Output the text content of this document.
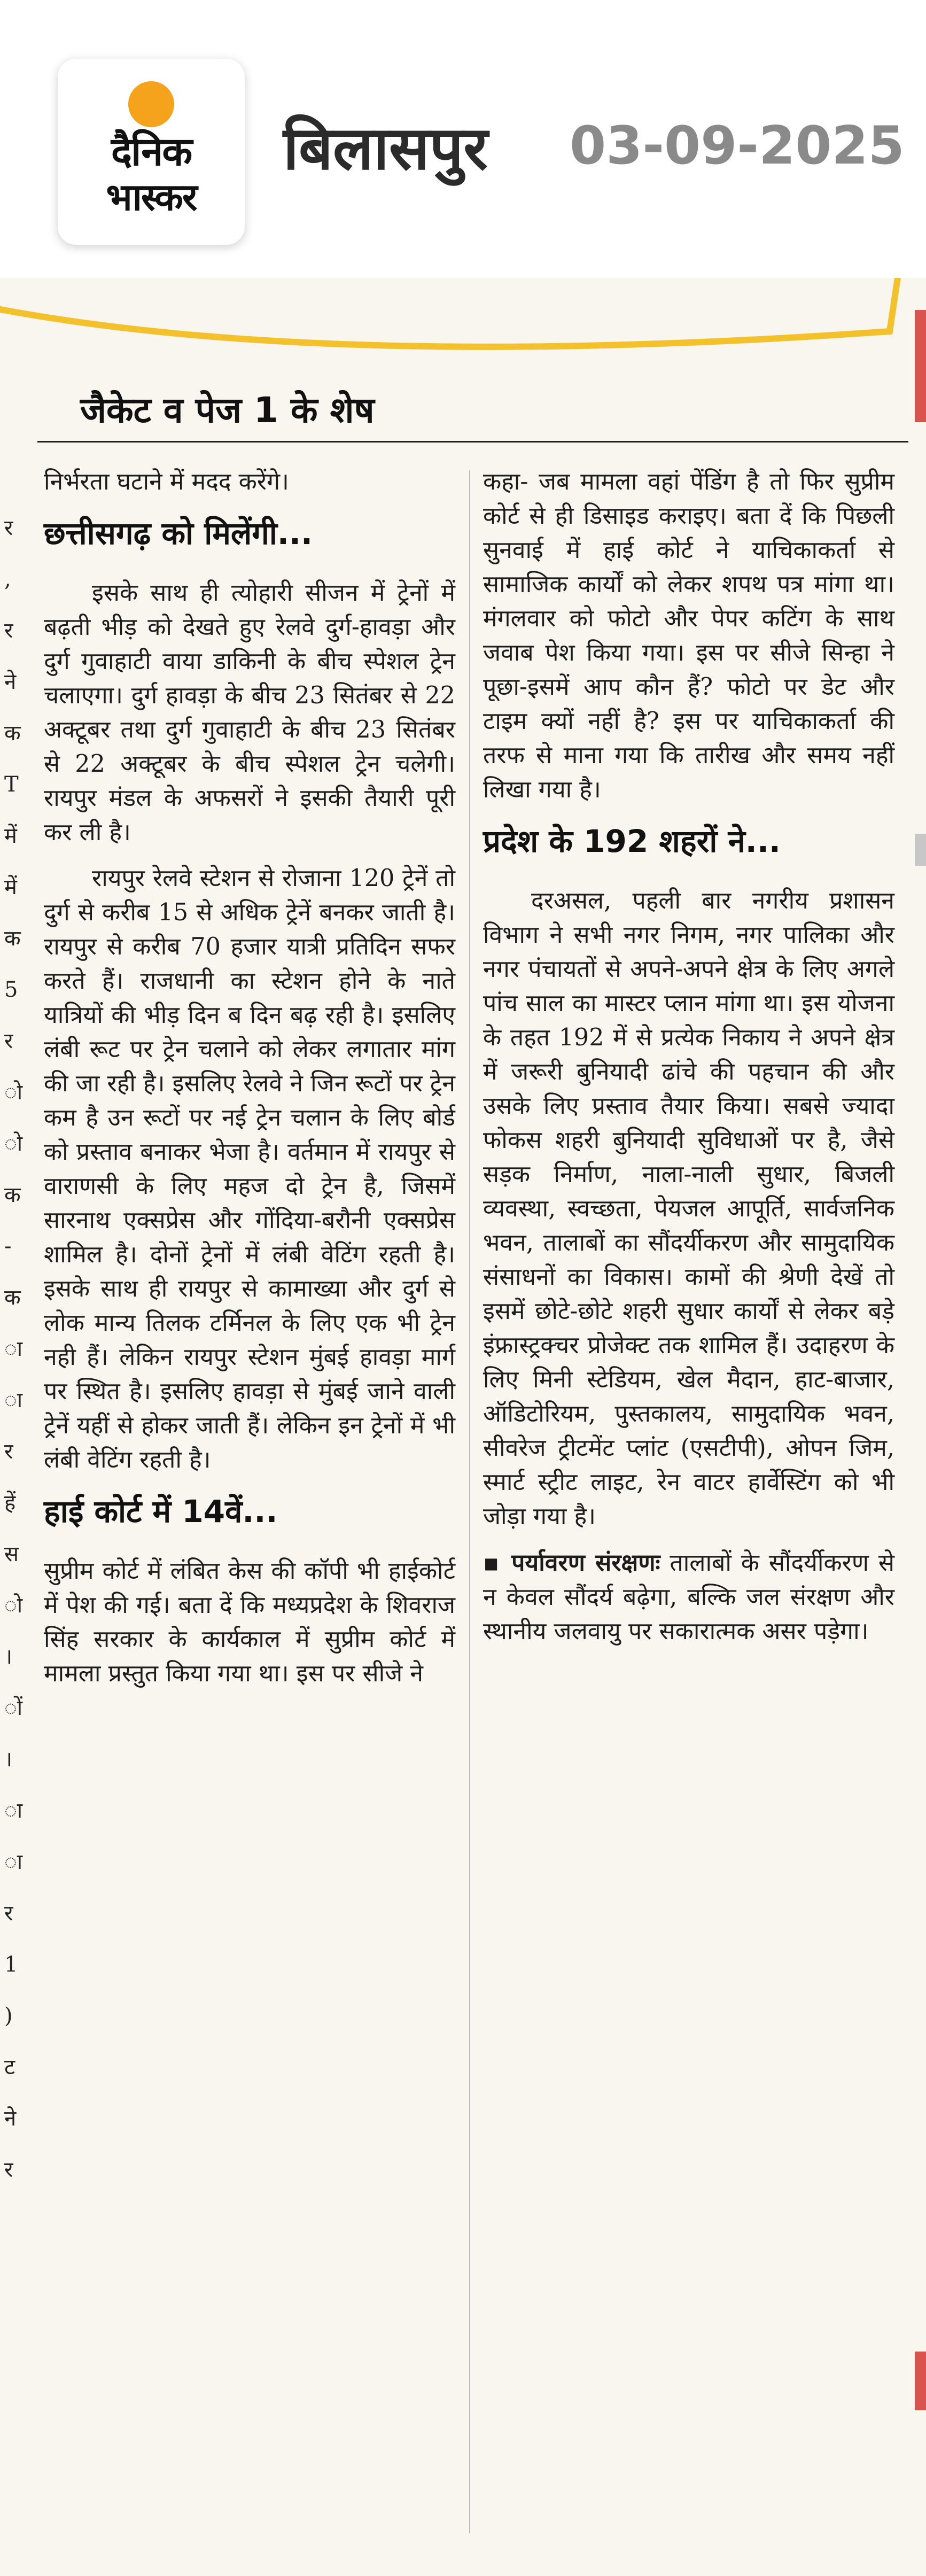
दैनिक
भास्कर
बिलासपुर 03-09-2025
र
,
र
ने
क
T
में
में
क
5
र
ो
ो
क
-
क
ा
ा
र
हें
स
ो
।
ों
।
ा
ा
र
1
)
ट
ने
र
जैकेट व पेज 1 के शेष

निर्भरता घटाने में मदद करेंगे।

छत्तीसगढ़ को मिलेंगी...

इसके साथ ही त्योहारी सीजन में ट्रेनों में बढ़ती भीड़ को देखते हुए रेलवे दुर्ग-हावड़ा और दुर्ग गुवाहाटी वाया डाकिनी के बीच स्पेशल ट्रेन चलाएगा। दुर्ग हावड़ा के बीच 23 सितंबर से 22 अक्टूबर तथा दुर्ग गुवाहाटी के बीच 23 सितंबर से 22 अक्टूबर के बीच स्पेशल ट्रेन चलेगी। रायपुर मंडल के अफसरों ने इसकी तैयारी पूरी कर ली है।

रायपुर रेलवे स्टेशन से रोजाना 120 ट्रेनें तो दुर्ग से करीब 15 से अधिक ट्रेनें बनकर जाती है। रायपुर से करीब 70 हजार यात्री प्रतिदिन सफर करते हैं। राजधानी का स्टेशन होने के नाते यात्रियों की भीड़ दिन ब दिन बढ़ रही है। इसलिए लंबी रूट पर ट्रेन चलाने को लेकर लगातार मांग की जा रही है। इसलिए रेलवे ने जिन रूटों पर ट्रेन कम है उन रूटों पर नई ट्रेन चलान के लिए बोर्ड को प्रस्ताव बनाकर भेजा है। वर्तमान में रायपुर से वाराणसी के लिए महज दो ट्रेन है, जिसमें सारनाथ एक्सप्रेस और गोंदिया-बरौनी एक्सप्रेस शामिल है। दोनों ट्रेनों में लंबी वेटिंग रहती है। इसके साथ ही रायपुर से कामाख्या और दुर्ग से लोक मान्य तिलक टर्मिनल के लिए एक भी ट्रेन नही हैं। लेकिन रायपुर स्टेशन मुंबई हावड़ा मार्ग पर स्थित है। इसलिए हावड़ा से मुंबई जाने वाली ट्रेनें यहीं से होकर जाती हैं। लेकिन इन ट्रेनों में भी लंबी वेटिंग रहती है।

हाई कोर्ट में 14वें...

सुप्रीम कोर्ट में लंबित केस की कॉपी भी हाईकोर्ट में पेश की गई। बता दें कि मध्यप्रदेश के शिवराज सिंह सरकार के कार्यकाल में सुप्रीम कोर्ट में मामला प्रस्तुत किया गया था। इस पर सीजे ने

कहा- जब मामला वहां पेंडिंग है तो फिर सुप्रीम कोर्ट से ही डिसाइड कराइए। बता दें कि पिछली सुनवाई में हाई कोर्ट ने याचिकाकर्ता से सामाजिक कार्यों को लेकर शपथ पत्र मांगा था। मंगलवार को फोटो और पेपर कटिंग के साथ जवाब पेश किया गया। इस पर सीजे सिन्हा ने पूछा-इसमें आप कौन हैं? फोटो पर डेट और टाइम क्यों नहीं है? इस पर याचिकाकर्ता की तरफ से माना गया कि तारीख और समय नहीं लिखा गया है।

प्रदेश के 192 शहरों ने...

दरअसल, पहली बार नगरीय प्रशासन विभाग ने सभी नगर निगम, नगर पालिका और नगर पंचायतों से अपने-अपने क्षेत्र के लिए अगले पांच साल का मास्टर प्लान मांगा था। इस योजना के तहत 192 में से प्रत्येक निकाय ने अपने क्षेत्र में जरूरी बुनियादी ढांचे की पहचान की और उसके लिए प्रस्ताव तैयार किया। सबसे ज्यादा फोकस शहरी बुनियादी सुविधाओं पर है, जैसे सड़क निर्माण, नाला-नाली सुधार, बिजली व्यवस्था, स्वच्छता, पेयजल आपूर्ति, सार्वजनिक भवन, तालाबों का सौंदर्यीकरण और सामुदायिक संसाधनों का विकास। कामों की श्रेणी देखें तो इसमें छोटे-छोटे शहरी सुधार कार्यों से लेकर बड़े इंफ्रास्ट्रक्चर प्रोजेक्ट तक शामिल हैं। उदाहरण के लिए मिनी स्टेडियम, खेल मैदान, हाट-बाजार, ऑडिटोरियम, पुस्तकालय, सामुदायिक भवन, सीवरेज ट्रीटमेंट प्लांट (एसटीपी), ओपन जिम, स्मार्ट स्ट्रीट लाइट, रेन वाटर हार्वेस्टिंग को भी जोड़ा गया है।

▪ पर्यावरण संरक्षणः तालाबों के सौंदर्यीकरण से न केवल सौंदर्य बढ़ेगा, बल्कि जल संरक्षण और स्थानीय जलवायु पर सकारात्मक असर पड़ेगा।
